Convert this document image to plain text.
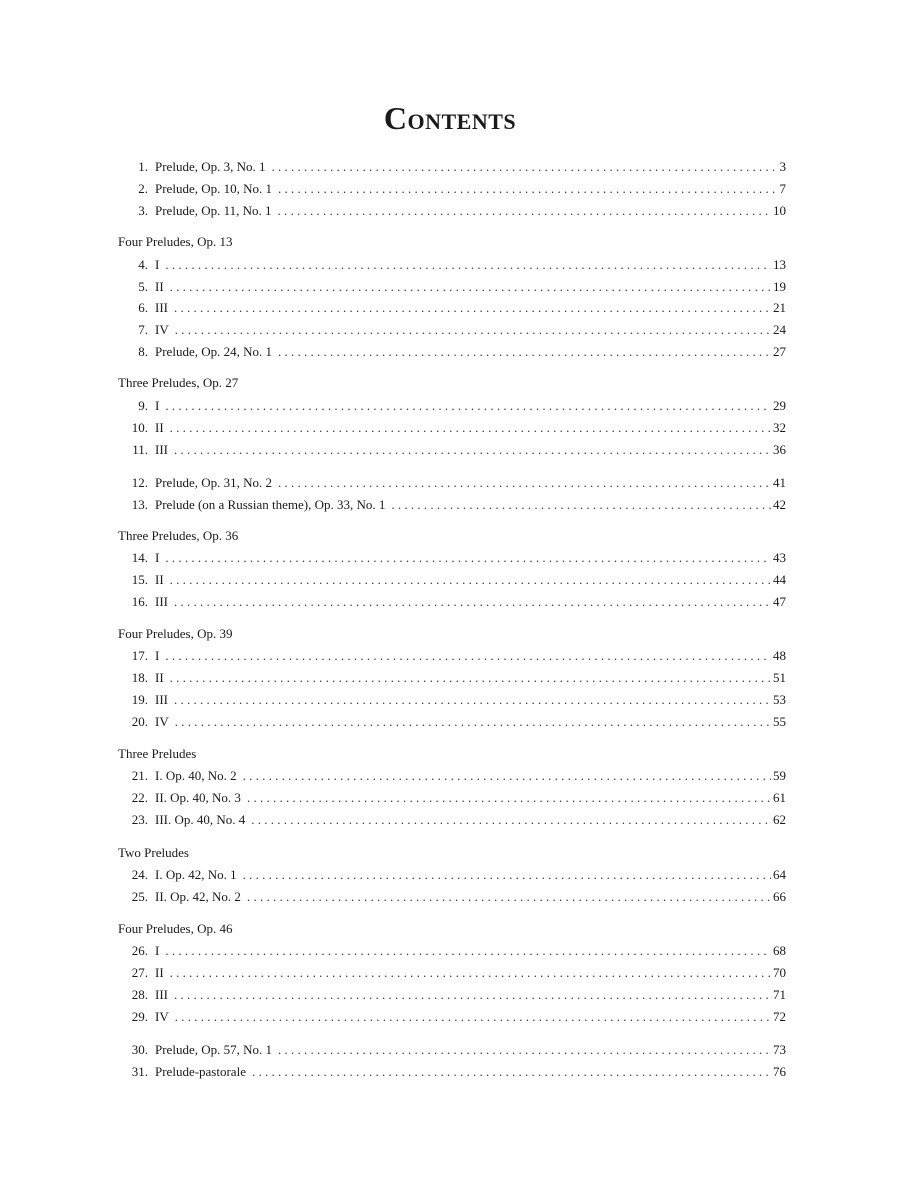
Contents
1. Prelude, Op. 3, No. 1 . . .	3
2. Prelude, Op. 10, No. 1 . . .	7
3. Prelude, Op. 11, No. 1 . . .	10
Four Preludes, Op. 13
4. I . . .	13
5. II . . .	19
6. III . . .	21
7. IV . . .	24
8. Prelude, Op. 24, No. 1 . . .	27
Three Preludes, Op. 27
9. I . . .	29
10. II . . .	32
11. III . . .	36
12. Prelude, Op. 31, No. 2 . . .	41
13. Prelude (on a Russian theme), Op. 33, No. 1 . . .	42
Three Preludes, Op. 36
14. I . . .	43
15. II . . .	44
16. III . . .	47
Four Preludes, Op. 39
17. I . . .	48
18. II . . .	51
19. III . . .	53
20. IV . . .	55
Three Preludes
21. I. Op. 40, No. 2 . . .	59
22. II. Op. 40, No. 3 . . .	61
23. III. Op. 40, No. 4 . . .	62
Two Preludes
24. I. Op. 42, No. 1 . . .	64
25. II. Op. 42, No. 2 . . .	66
Four Preludes, Op. 46
26. I . . .	68
27. II . . .	70
28. III . . .	71
29. IV . . .	72
30. Prelude, Op. 57, No. 1 . . .	73
31. Prelude-pastorale . . .	76
